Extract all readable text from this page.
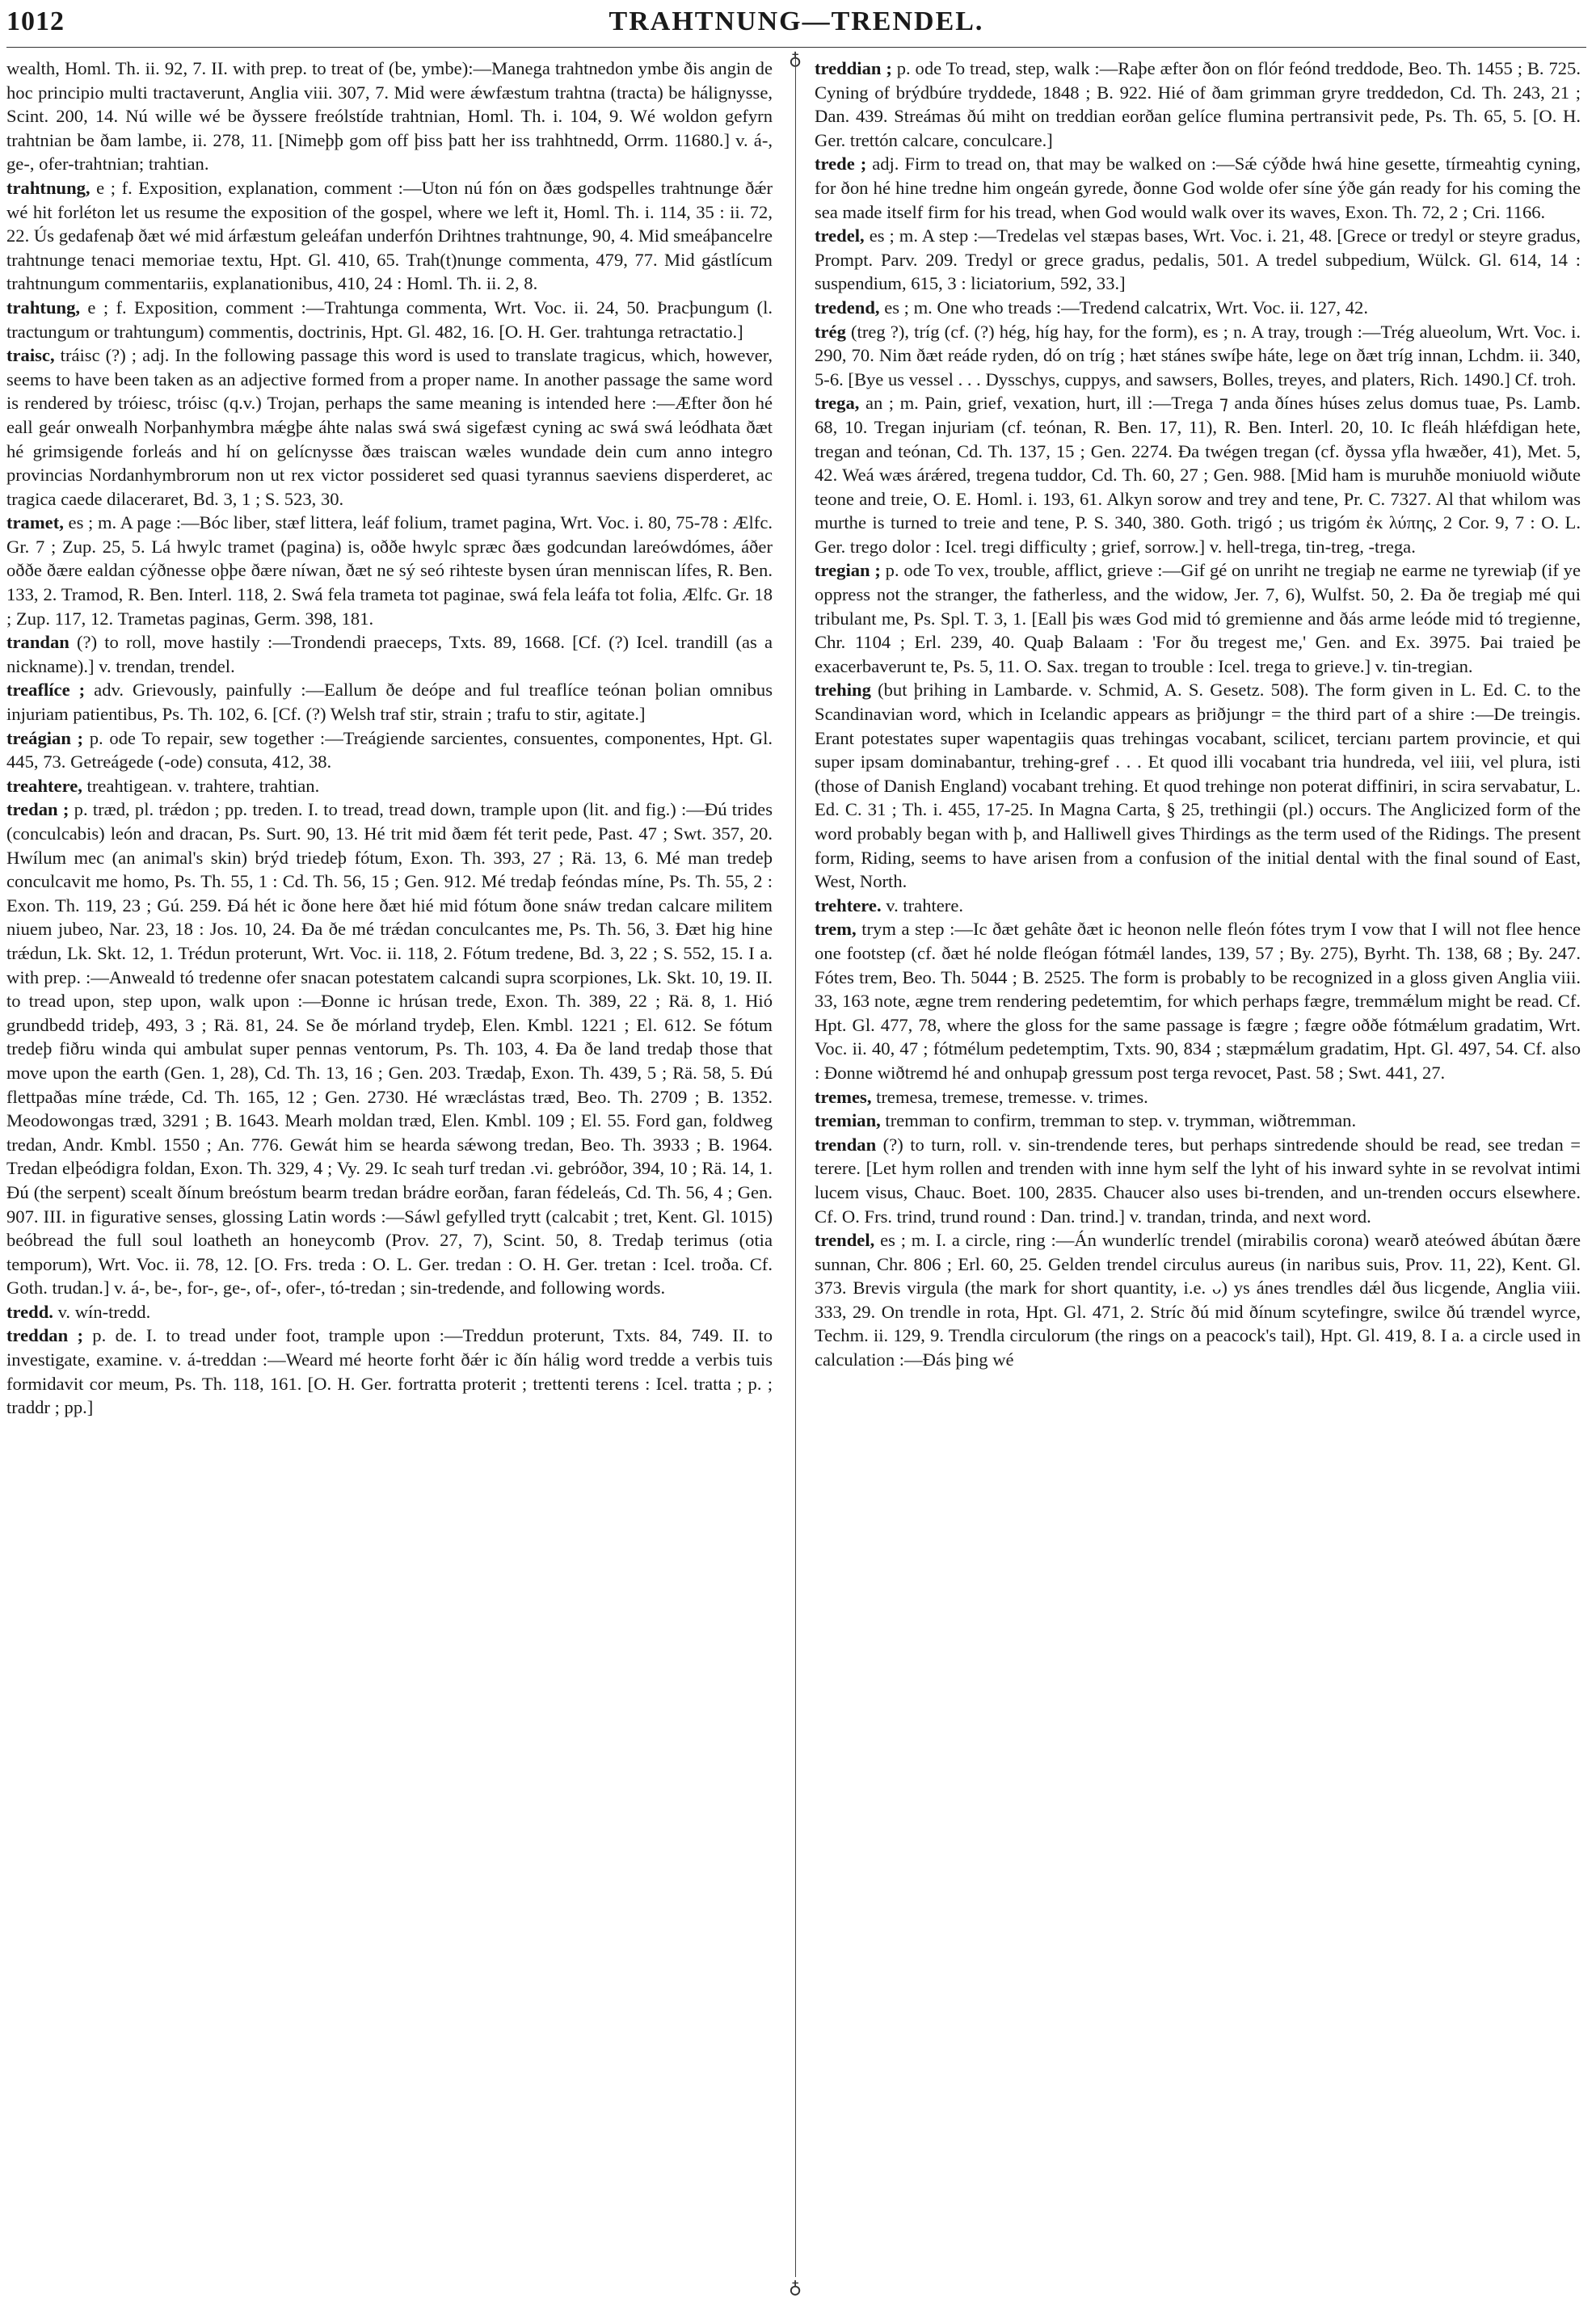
1012	TRAHTNUNG—TRENDEL.
♁
♁

wealth, Homl. Th. ii. 92, 7. II. with prep. to treat of (be, ymbe):—Manega trahtnedon ymbe ðis angin de hoc principio multi tractaverunt, Anglia viii. 307, 7. Mid were ǽwfæstum trahtna (tracta) be hálignysse, Scint. 200, 14. Nú wille wé be ðyssere freólstíde trahtnian, Homl. Th. i. 104, 9. Wé woldon gefyrn trahtnian be ðam lambe, ii. 278, 11. [Nimeþþ gom off þiss þatt her iss trahhtnedd, Orrm. 11680.] v. á-, ge-, ofer-trahtnian; trahtian.

trahtnung, e ; f. Exposition, explanation, comment :—Uton nú fón on ðæs godspelles trahtnunge ðǽr wé hit forléton let us resume the exposition of the gospel, where we left it, Homl. Th. i. 114, 35 : ii. 72, 22. Ús gedafenaþ ðæt wé mid árfæstum geleáfan underfón Drihtnes trahtnunge, 90, 4. Mid smeáþancelre trahtnunge tenaci memoriae textu, Hpt. Gl. 410, 65. Trah(t)nunge commenta, 479, 77. Mid gástlícum trahtnungum commentariis, explanationibus, 410, 24 : Homl. Th. ii. 2, 8.

trahtung, e ; f. Exposition, comment :—Trahtunga commenta, Wrt. Voc. ii. 24, 50. Þracþungum (l. tractungum or trahtungum) commentis, doctrinis, Hpt. Gl. 482, 16. [O. H. Ger. trahtunga retractatio.]

traisc, tráisc (?) ; adj. In the following passage this word is used to translate tragicus, which, however, seems to have been taken as an adjective formed from a proper name. In another passage the same word is rendered by tróiesc, tróisc (q.v.) Trojan, perhaps the same meaning is intended here :—Æfter ðon hé eall geár onwealh Norþanhymbra mǽgþe áhte nalas swá swá sigefæst cyning ac swá swá leódhata ðæt hé grimsigende forleás and hí on gelícnysse ðæs traiscan wæles wundade dein cum anno integro provincias Nordanhymbrorum non ut rex victor possideret sed quasi tyrannus saeviens disperderet, ac tragica caede dilaceraret, Bd. 3, 1 ; S. 523, 30.

tramet, es ; m. A page :—Bóc liber, stæf littera, leáf folium, tramet pagina, Wrt. Voc. i. 80, 75-78 : Ælfc. Gr. 7 ; Zup. 25, 5. Lá hwylc tramet (pagina) is, oððe hwylc spræc ðæs godcundan lareówdómes, áðer oððe ðære ealdan cýðnesse oþþe ðære níwan, ðæt ne sý seó rihteste bysen úran menniscan lífes, R. Ben. 133, 2. Tramod, R. Ben. Interl. 118, 2. Swá fela trameta tot paginae, swá fela leáfa tot folia, Ælfc. Gr. 18 ; Zup. 117, 12. Trametas paginas, Germ. 398, 181.

trandan (?) to roll, move hastily :—Trondendi praeceps, Txts. 89, 1668. [Cf. (?) Icel. trandill (as a nickname).] v. trendan, trendel.

treaflíce ; adv. Grievously, painfully :—Eallum ðe deópe and ful treaflíce teónan þolian omnibus injuriam patientibus, Ps. Th. 102, 6. [Cf. (?) Welsh traf stir, strain ; trafu to stir, agitate.]

treágian ; p. ode To repair, sew together :—Treágiende sarcientes, consuentes, componentes, Hpt. Gl. 445, 73. Getreágede (-ode) consuta, 412, 38.

treahtere, treahtigean. v. trahtere, trahtian.

tredan ; p. træd, pl. trǽdon ; pp. treden. I. to tread, tread down, trample upon (lit. and fig.) :—Ðú trides (conculcabis) león and dracan, Ps. Surt. 90, 13. Hé trit mid ðæm fét terit pede, Past. 47 ; Swt. 357, 20. Hwílum mec (an animal's skin) brýd triedeþ fótum, Exon. Th. 393, 27 ; Rä. 13, 6. Mé man tredeþ conculcavit me homo, Ps. Th. 55, 1 : Cd. Th. 56, 15 ; Gen. 912. Mé tredaþ feóndas míne, Ps. Th. 55, 2 : Exon. Th. 119, 23 ; Gú. 259. Ðá hét ic ðone here ðæt hié mid fótum ðone snáw tredan calcare militem niuem jubeo, Nar. 23, 18 : Jos. 10, 24. Ða ðe mé trǽdan conculcantes me, Ps. Th. 56, 3. Ðæt hig hine trǽdun, Lk. Skt. 12, 1. Trédun proterunt, Wrt. Voc. ii. 118, 2. Fótum tredene, Bd. 3, 22 ; S. 552, 15. I a. with prep. :—Anweald tó tredenne ofer snacan potestatem calcandi supra scorpiones, Lk. Skt. 10, 19. II. to tread upon, step upon, walk upon :—Ðonne ic hrúsan trede, Exon. Th. 389, 22 ; Rä. 8, 1. Hió grundbedd trideþ, 493, 3 ; Rä. 81, 24. Se ðe mórland trydeþ, Elen. Kmbl. 1221 ; El. 612. Se fótum tredeþ fiðru winda qui ambulat super pennas ventorum, Ps. Th. 103, 4. Ða ðe land tredaþ those that move upon the earth (Gen. 1, 28), Cd. Th. 13, 16 ; Gen. 203. Trædaþ, Exon. Th. 439, 5 ; Rä. 58, 5. Ðú flettpaðas míne trǽde, Cd. Th. 165, 12 ; Gen. 2730. Hé wræclástas træd, Beo. Th. 2709 ; B. 1352. Meodowongas træd, 3291 ; B. 1643. Mearh moldan træd, Elen. Kmbl. 109 ; El. 55. Ford gan, foldweg tredan, Andr. Kmbl. 1550 ; An. 776. Gewát him se hearda sǽwong tredan, Beo. Th. 3933 ; B. 1964. Tredan elþeódigra foldan, Exon. Th. 329, 4 ; Vy. 29. Ic seah turf tredan .vi. gebróðor, 394, 10 ; Rä. 14, 1. Ðú (the serpent) scealt ðínum breóstum bearm tredan brádre eorðan, faran fédeleás, Cd. Th. 56, 4 ; Gen. 907. III. in figurative senses, glossing Latin words :—Sáwl gefylled trytt (calcabit ; tret, Kent. Gl. 1015) beóbread the full soul loatheth an honeycomb (Prov. 27, 7), Scint. 50, 8. Tredaþ terimus (otia temporum), Wrt. Voc. ii. 78, 12. [O. Frs. treda : O. L. Ger. tredan : O. H. Ger. tretan : Icel. troða. Cf. Goth. trudan.] v. á-, be-, for-, ge-, of-, ofer-, tó-tredan ; sin-tredende, and following words.

tredd. v. wín-tredd.

treddan ; p. de. I. to tread under foot, trample upon :—Treddun proterunt, Txts. 84, 749. II. to investigate, examine. v. á-treddan :—Weard mé heorte forht ðǽr ic ðín hálig word tredde a verbis tuis formidavit cor meum, Ps. Th. 118, 161. [O. H. Ger. fortratta proterit ; trettenti terens : Icel. tratta ; p. ; traddr ; pp.]

treddian ; p. ode To tread, step, walk :—Raþe æfter ðon on flór feónd treddode, Beo. Th. 1455 ; B. 725. Cyning of brýdbúre tryddede, 1848 ; B. 922. Hié of ðam grimman gryre treddedon, Cd. Th. 243, 21 ; Dan. 439. Streámas ðú miht on treddian eorðan gelíce flumina pertransivit pede, Ps. Th. 65, 5. [O. H. Ger. trettón calcare, conculcare.]

trede ; adj. Firm to tread on, that may be walked on :—Sǽ cýðde hwá hine gesette, tírmeahtig cyning, for ðon hé hine tredne him ongeán gyrede, ðonne God wolde ofer síne ýðe gán ready for his coming the sea made itself firm for his tread, when God would walk over its waves, Exon. Th. 72, 2 ; Cri. 1166.

tredel, es ; m. A step :—Tredelas vel stæpas bases, Wrt. Voc. i. 21, 48. [Grece or tredyl or steyre gradus, Prompt. Parv. 209. Tredyl or grece gradus, pedalis, 501. A tredel subpedium, Wülck. Gl. 614, 14 : suspendium, 615, 3 : liciatorium, 592, 33.]

tredend, es ; m. One who treads :—Tredend calcatrix, Wrt. Voc. ii. 127, 42.

trég (treg ?), tríg (cf. (?) hég, híg hay, for the form), es ; n. A tray, trough :—Trég alueolum, Wrt. Voc. i. 290, 70. Nim ðæt reáde ryden, dó on tríg ; hæt stánes swíþe háte, lege on ðæt tríg innan, Lchdm. ii. 340, 5-6. [Bye us vessel . . . Dysschys, cuppys, and sawsers, Bolles, treyes, and platers, Rich. 1490.] Cf. troh.

trega, an ; m. Pain, grief, vexation, hurt, ill :—Trega ⁊ anda ðínes húses zelus domus tuae, Ps. Lamb. 68, 10. Tregan injuriam (cf. teónan, R. Ben. 17, 11), R. Ben. Interl. 20, 10. Ic fleáh hlǽfdigan hete, tregan and teónan, Cd. Th. 137, 15 ; Gen. 2274. Ða twégen tregan (cf. ðyssa yfla hwæðer, 41), Met. 5, 42. Weá wæs árǽred, tregena tuddor, Cd. Th. 60, 27 ; Gen. 988. [Mid ham is muruhðe moniuold wiðute teone and treie, O. E. Homl. i. 193, 61. Alkyn sorow and trey and tene, Pr. C. 7327. Al that whilom was murthe is turned to treie and tene, P. S. 340, 380. Goth. trigó ; us trigóm ἐκ λύπης, 2 Cor. 9, 7 : O. L. Ger. trego dolor : Icel. tregi difficulty ; grief, sorrow.] v. hell-trega, tin-treg, -trega.

tregian ; p. ode To vex, trouble, afflict, grieve :—Gif gé on unriht ne tregiaþ ne earme ne tyrewiaþ (if ye oppress not the stranger, the fatherless, and the widow, Jer. 7, 6), Wulfst. 50, 2. Ða ðe tregiaþ mé qui tribulant me, Ps. Spl. T. 3, 1. [Eall þis wæs God mid tó gremienne and ðás arme leóde mid tó tregienne, Chr. 1104 ; Erl. 239, 40. Quaþ Balaam : 'For ðu tregest me,' Gen. and Ex. 3975. Þai traied þe exacerbaverunt te, Ps. 5, 11. O. Sax. tregan to trouble : Icel. trega to grieve.] v. tin-tregian.

trehing (but þrihing in Lambarde. v. Schmid, A. S. Gesetz. 508). The form given in L. Ed. C. to the Scandinavian word, which in Icelandic appears as þriðjungr = the third part of a shire :—De treingis. Erant potestates super wapentagiis quas trehingas vocabant, scilicet, tercianı partem provincie, et qui super ipsam dominabantur, trehing-gref . . . Et quod illi vocabant tria hundreda, vel iiii, vel plura, isti (those of Danish England) vocabant trehing. Et quod trehinge non poterat diffiniri, in scira servabatur, L. Ed. C. 31 ; Th. i. 455, 17-25. In Magna Carta, § 25, trethingii (pl.) occurs. The Anglicized form of the word probably began with þ, and Halliwell gives Thirdings as the term used of the Ridings. The present form, Riding, seems to have arisen from a confusion of the initial dental with the final sound of East, West, North.

trehtere. v. trahtere.

trem, trym a step :—Ic ðæt gehâte ðæt ic heonon nelle fleón fótes trym I vow that I will not flee hence one footstep (cf. ðæt hé nolde fleógan fótmǽl landes, 139, 57 ; By. 275), Byrht. Th. 138, 68 ; By. 247. Fótes trem, Beo. Th. 5044 ; B. 2525. The form is probably to be recognized in a gloss given Anglia viii. 33, 163 note, ægne trem rendering pedetemtim, for which perhaps fægre, tremmǽlum might be read. Cf. Hpt. Gl. 477, 78, where the gloss for the same passage is fægre ; fægre oððe fótmǽlum gradatim, Wrt. Voc. ii. 40, 47 ; fótmélum pedetemptim, Txts. 90, 834 ; stæpmǽlum gradatim, Hpt. Gl. 497, 54. Cf. also : Ðonne wiðtremd hé and onhupaþ gressum post terga revocet, Past. 58 ; Swt. 441, 27.

tremes, tremesa, tremese, tremesse. v. trimes.

tremian, tremman to confirm, tremman to step. v. trymman, wiðtremman.

trendan (?) to turn, roll. v. sin-trendende teres, but perhaps sintredende should be read, see tredan = terere. [Let hym rollen and trenden with inne hym self the lyht of his inward syhte in se revolvat intimi lucem visus, Chauc. Boet. 100, 2835. Chaucer also uses bi-trenden, and un-trenden occurs elsewhere. Cf. O. Frs. trind, trund round : Dan. trind.] v. trandan, trinda, and next word.

trendel, es ; m. I. a circle, ring :—Án wunderlíc trendel (mirabilis corona) wearð ateówed ábútan ðære sunnan, Chr. 806 ; Erl. 60, 25. Gelden trendel circulus aureus (in naribus suis, Prov. 11, 22), Kent. Gl. 373. Brevis virgula (the mark for short quantity, i.e. ᴗ) ys ánes trendles dǽl ðus licgende, Anglia viii. 333, 29. On trendle in rota, Hpt. Gl. 471, 2. Stríc ðú mid ðínum scytefingre, swilce ðú trændel wyrce, Techm. ii. 129, 9. Trendla circulorum (the rings on a peacock's tail), Hpt. Gl. 419, 8. I a. a circle used in calculation :—Ðás þing wé
